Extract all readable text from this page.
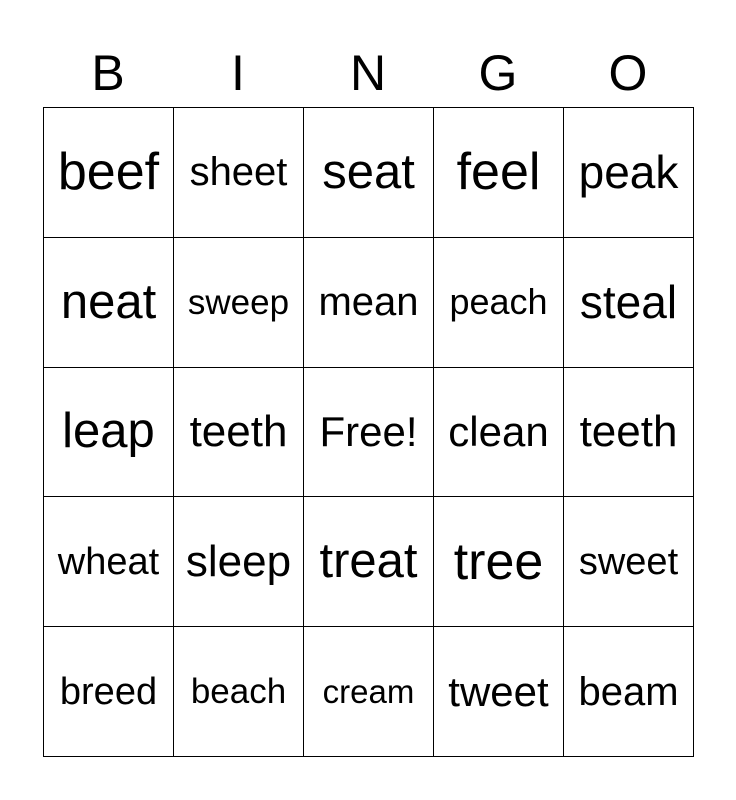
B	I	N	G	O
beef sheet seat feel peak
neat sweep mean peach steal
leap teeth Free! clean teeth
wheat sleep treat tree sweet
breed beach	cream tweet beam
